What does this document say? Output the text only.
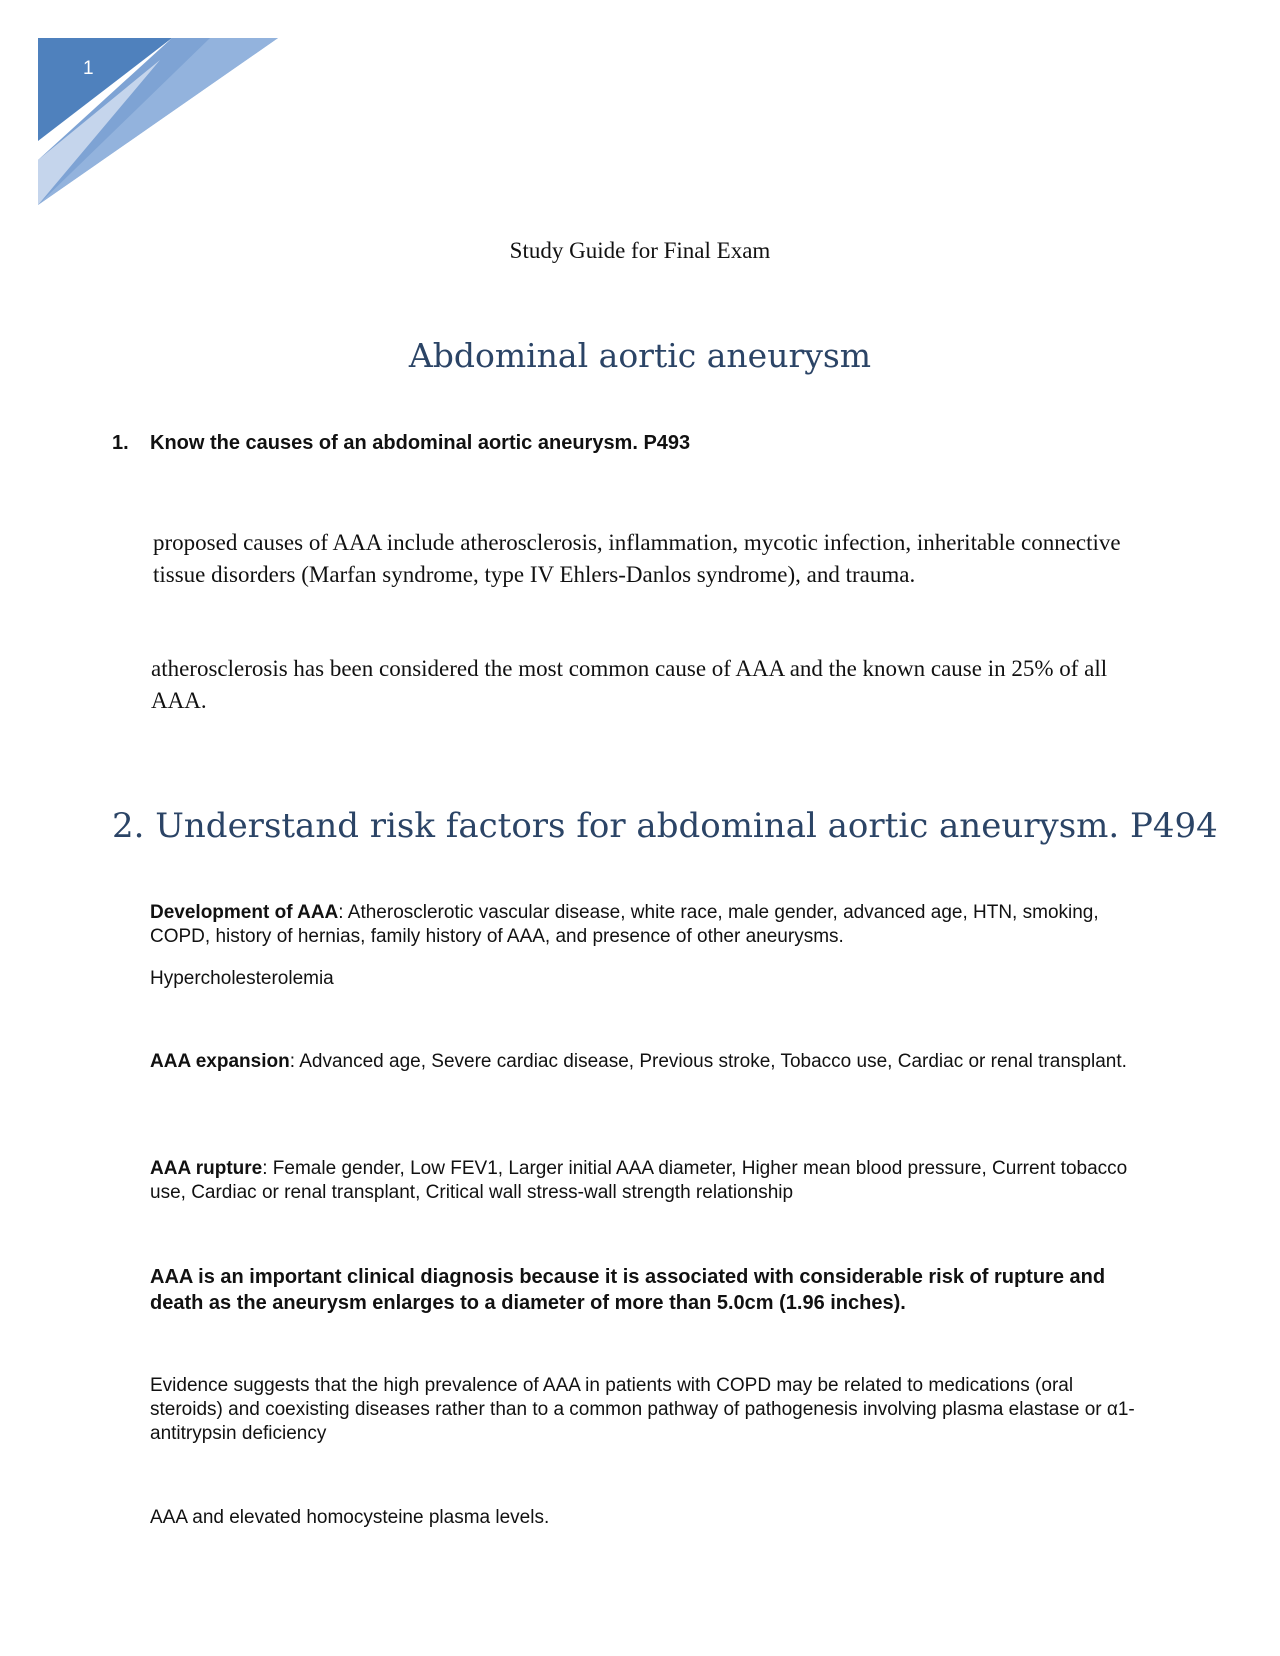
1
Study Guide for Final Exam
Abdominal aortic aneurysm
1. Know the causes of an abdominal aortic aneurysm. P493
proposed causes of AAA include atherosclerosis, inflammation, mycotic infection, inheritable connective tissue disorders (Marfan syndrome, type IV Ehlers-Danlos syndrome), and trauma.
atherosclerosis has been considered the most common cause of AAA and the known cause in 25% of all AAA.
2. Understand risk factors for abdominal aortic aneurysm. P494
Development of AAA: Atherosclerotic vascular disease, white race, male gender, advanced age, HTN, smoking, COPD, history of hernias, family history of AAA, and presence of other aneurysms.
Hypercholesterolemia
AAA expansion: Advanced age, Severe cardiac disease, Previous stroke, Tobacco use, Cardiac or renal transplant.
AAA rupture: Female gender, Low FEV1, Larger initial AAA diameter, Higher mean blood pressure, Current tobacco use, Cardiac or renal transplant, Critical wall stress-wall strength relationship
AAA is an important clinical diagnosis because it is associated with considerable risk of rupture and death as the aneurysm enlarges to a diameter of more than 5.0cm (1.96 inches).
Evidence suggests that the high prevalence of AAA in patients with COPD may be related to medications (oral steroids) and coexisting diseases rather than to a common pathway of pathogenesis involving plasma elastase or α1-antitrypsin deficiency
AAA and elevated homocysteine plasma levels.
